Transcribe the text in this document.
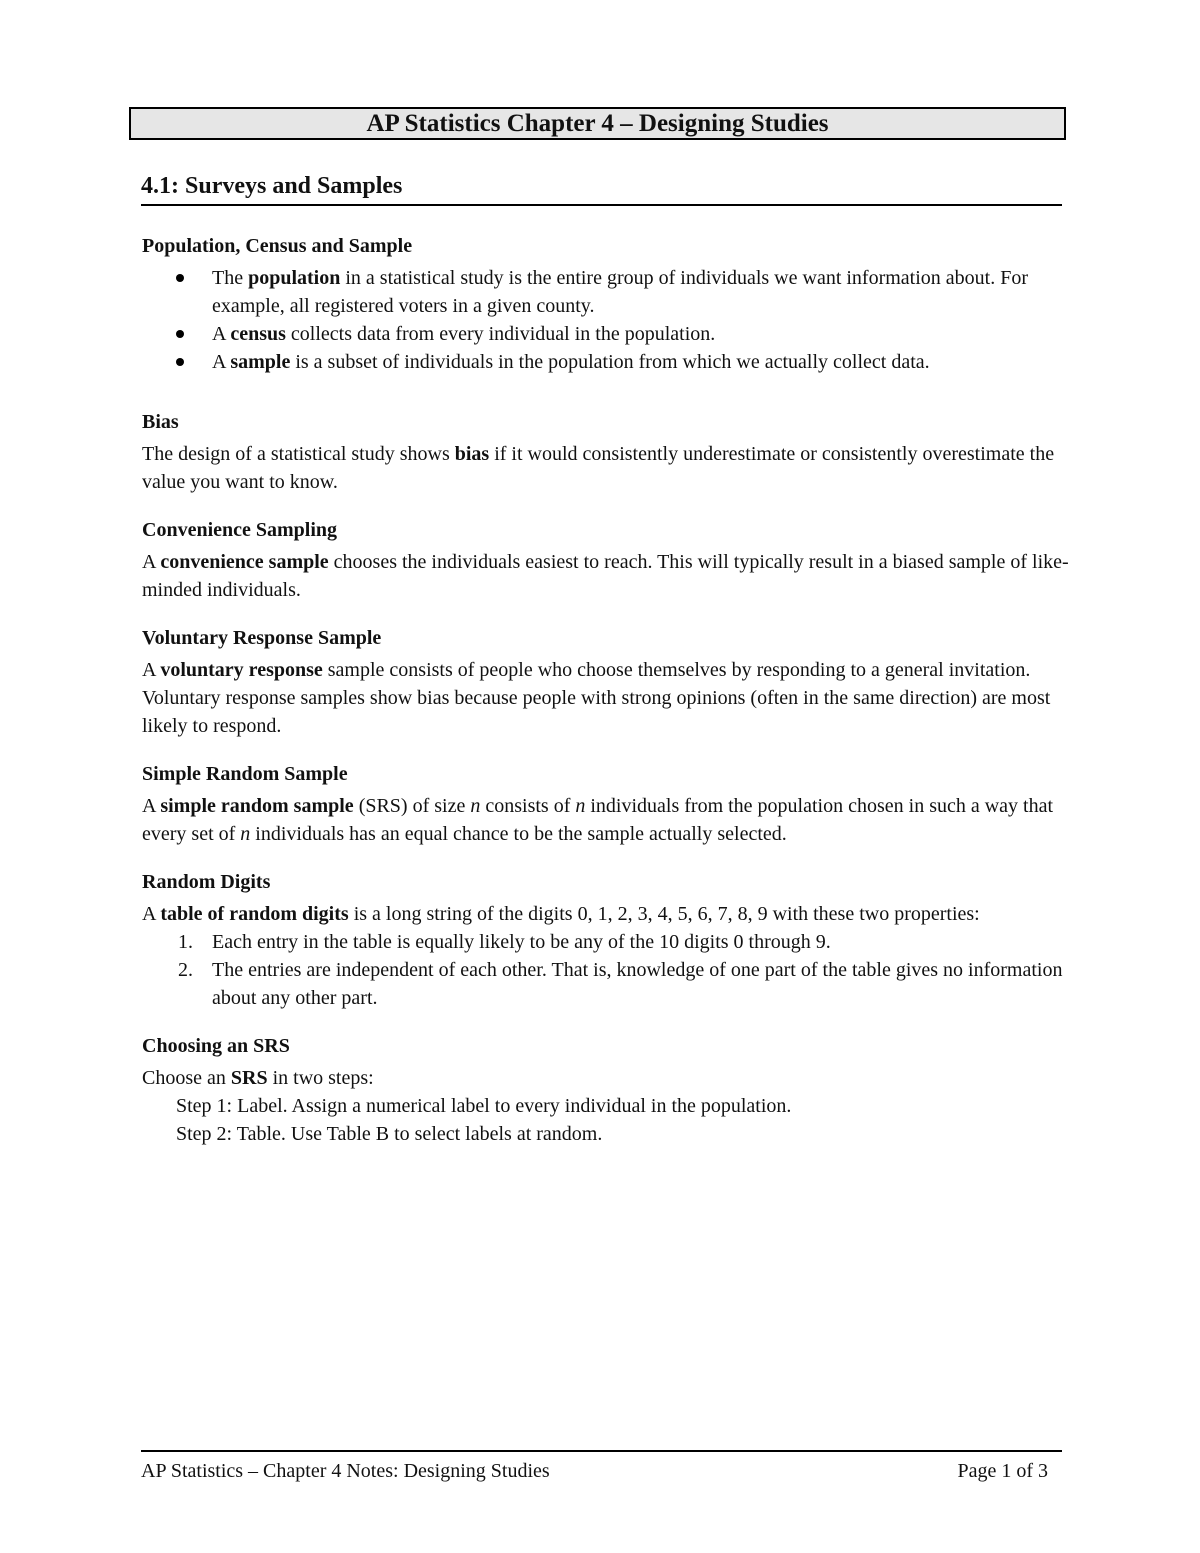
AP Statistics Chapter 4 – Designing Studies
4.1: Surveys and Samples
Population, Census and Sample
The population in a statistical study is the entire group of individuals we want information about. For example, all registered voters in a given county.
A census collects data from every individual in the population.
A sample is a subset of individuals in the population from which we actually collect data.
Bias

The design of a statistical study shows bias if it would consistently underestimate or consistently overestimate the value you want to know.

Convenience Sampling

A convenience sample chooses the individuals easiest to reach. This will typically result in a biased sample of like-minded individuals.

Voluntary Response Sample

A voluntary response sample consists of people who choose themselves by responding to a general invitation. Voluntary response samples show bias because people with strong opinions (often in the same direction) are most likely to respond.

Simple Random Sample

A simple random sample (SRS) of size n consists of n individuals from the population chosen in such a way that every set of n individuals has an equal chance to be the sample actually selected.

Random Digits

A table of random digits is a long string of the digits 0, 1, 2, 3, 4, 5, 6, 7, 8, 9 with these two properties:

1. Each entry in the table is equally likely to be any of the 10 digits 0 through 9.
2. The entries are independent of each other. That is, knowledge of one part of the table gives no information about any other part.
Choosing an SRS

Choose an SRS in two steps:

Step 1: Label. Assign a numerical label to every individual in the population.

Step 2: Table. Use Table B to select labels at random.

AP Statistics – Chapter 4 Notes: Designing Studies	Page 1 of 3
